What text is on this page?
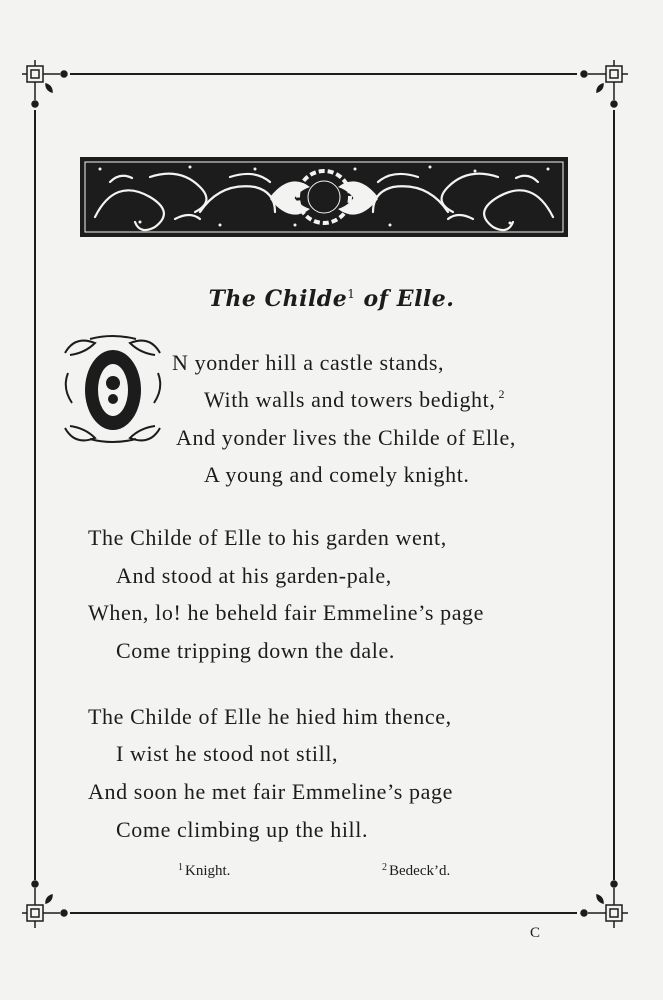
The Childe$^1$ of Elle.
O
N yonder hill a castle stands,
With walls and towers bedight, $^2$
And yonder lives the Childe of Elle,
A young and comely knight.
The Childe of Elle to his garden went,
And stood at his garden-pale,
When, lo! he beheld fair Emmeline’s page
Come tripping down the dale.
The Childe of Elle he hied him thence,
I wist he stood not still,
And soon he met fair Emmeline’s page
Come climbing up the hill.
$^1$ Knight.	$^2$ Bedeck’d.
C
